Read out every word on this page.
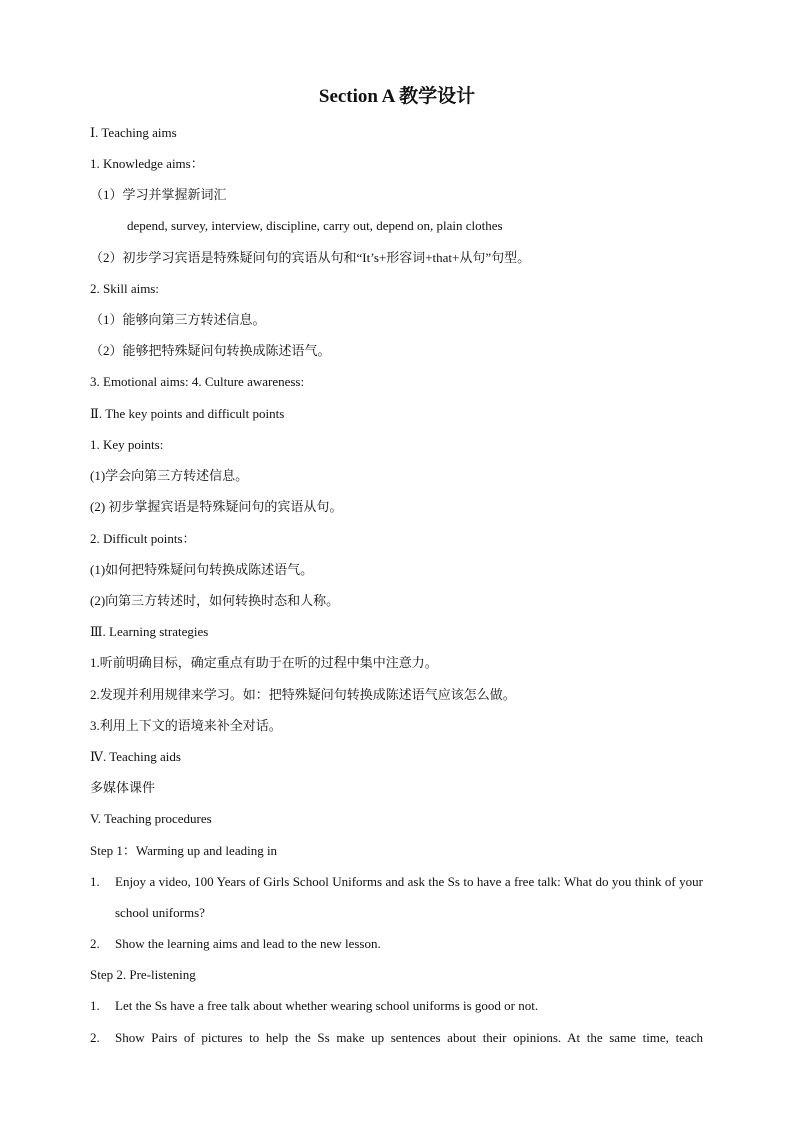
Section A 教学设计
Ⅰ. Teaching aims
1. Knowledge aims：
（1）学习并掌握新词汇
depend, survey, interview, discipline, carry out, depend on, plain clothes
（2）初步学习宾语是特殊疑问句的宾语从句和“It’s+形容词+that+从句”句型。
2. Skill aims:
（1）能够向第三方转述信息。
（2）能够把特殊疑问句转换成陈述语气。
3. Emotional aims: 4. Culture awareness:
Ⅱ. The key points and difficult points
1. Key points:
(1)学会向第三方转述信息。
(2) 初步掌握宾语是特殊疑问句的宾语从句。
2. Difficult points：
(1)如何把特殊疑问句转换成陈述语气。
(2)向第三方转述时，如何转换时态和人称。
Ⅲ. Learning strategies
1.听前明确目标，确定重点有助于在听的过程中集中注意力。
2.发现并利用规律来学习。如：把特殊疑问句转换成陈述语气应该怎么做。
3.利用上下文的语境来补全对话。
Ⅳ. Teaching aids
多媒体课件
V. Teaching procedures
Step 1：Warming up and leading in
1.	Enjoy a video, 100 Years of Girls School Uniforms and ask the Ss to have a free talk: What do you think of your school uniforms?
2.	Show the learning aims and lead to the new lesson.
Step 2. Pre-listening
1.	Let the Ss have a free talk about whether wearing school uniforms is good or not.
2.	Show Pairs of pictures to help the Ss make up sentences about their opinions. At the same time, teach
